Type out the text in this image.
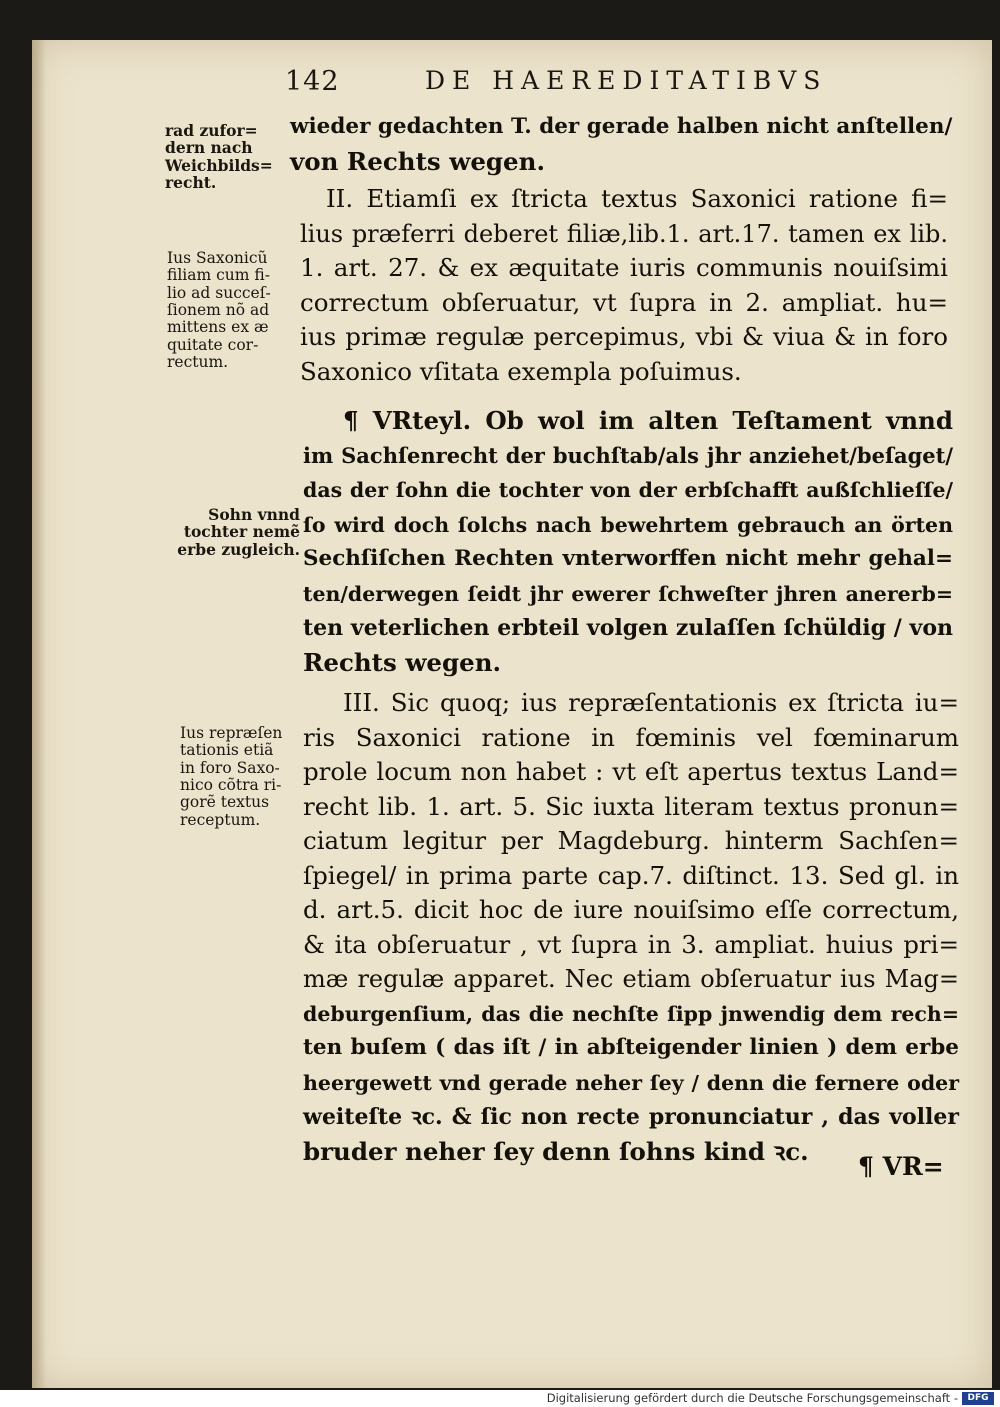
142	DE HAEREDITATIBVS
rad zufor=
dern nach
Weichbilds=
recht.
Ius Saxonicũ
filiam cum fi-
lio ad succeſ-
ſionem nõ ad
mittens ex æ
quitate cor-
rectum.
Sohn vnnd
tochter nemẽ
erbe zugleich.
Ius repræſen
tationis etiã
in foro Saxo-
nico cõtra ri-
gorẽ textus
receptum.
wieder gedachten T. der gerade halben nicht anſtellen/
von Rechts wegen.
II. Etiamſi ex ſtricta textus Saxonici ratione fi=
lius præferri deberet filiæ,lib.1. art.17. tamen ex lib.
1. art. 27. & ex æquitate iuris communis nouiſsimi
correctum obſeruatur, vt ſupra in 2. ampliat. hu=
ius primæ regulæ percepimus, vbi & viua & in foro
Saxonico vſitata exempla poſuimus.
¶ VRteyl. Ob wol im alten Teſtament vnnd
im Sachſenrecht der buchſtab/als jhr anziehet/beſaget/
das der ſohn die tochter von der erbſchafft außſchlieſſe/
ſo wird doch ſolchs nach bewehrtem gebrauch an örten
Sechſiſchen Rechten vnterworffen nicht mehr gehal=
ten/derwegen ſeidt jhr ewerer ſchweſter jhren anererb=
ten veterlichen erbteil volgen zulaſſen ſchüldig / von
Rechts wegen.
III. Sic quoq; ius repræſentationis ex ſtricta iu=
ris Saxonici ratione in fœminis vel fœminarum
prole locum non habet : vt eſt apertus textus Land=
recht lib. 1. art. 5. Sic iuxta literam textus pronun=
ciatum legitur per Magdeburg. hinterm Sachſen=
ſpiegel/ in prima parte cap.7. diſtinct. 13. Sed gl. in
d. art.5. dicit hoc de iure nouiſsimo eſſe correctum,
& ita obſeruatur , vt ſupra in 3. ampliat. huius pri=
mæ regulæ apparet. Nec etiam obſeruatur ius Mag=
deburgenſium, das die nechſte ſipp jnwendig dem rech=
ten buſem ( das iſt / in abſteigender linien ) dem erbe
heergewett vnd gerade neher ſey / denn die fernere oder
weiteſte ꝛc. & ſic non recte pronunciatur , das voller
bruder neher ſey denn ſohns kind ꝛc.
¶ VR=
Digitalisierung gefördert durch die Deutsche Forschungsgemeinschaft -	DFG
